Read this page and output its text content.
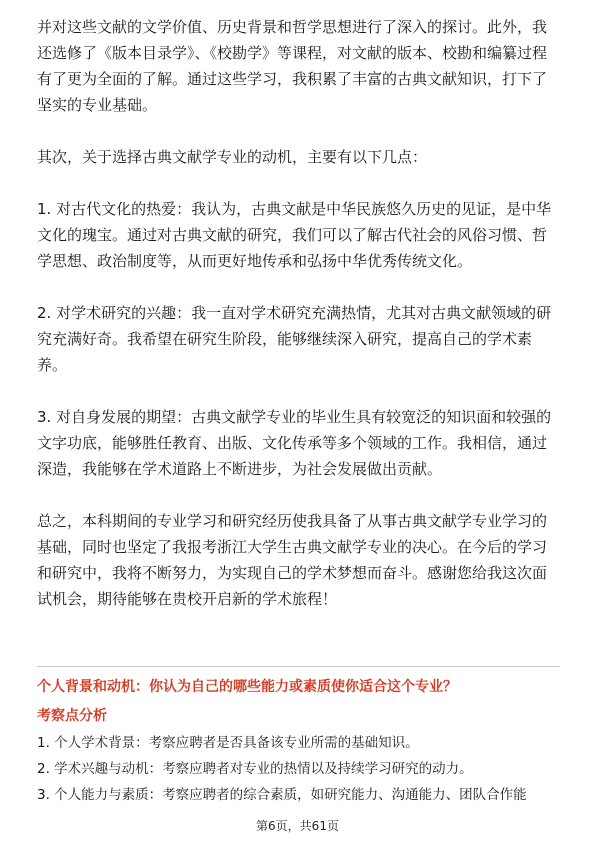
并对这些文献的文学价值、历史背景和哲学思想进行了深入的探讨。此外，我还选修了《版本目录学》、《校勘学》等课程，对文献的版本、校勘和编纂过程有了更为全面的了解。通过这些学习，我积累了丰富的古典文献知识，打下了坚实的专业基础。

其次，关于选择古典文献学专业的动机，主要有以下几点：

1. 对古代文化的热爱：我认为，古典文献是中华民族悠久历史的见证，是中华文化的瑰宝。通过对古典文献的研究，我们可以了解古代社会的风俗习惯、哲学思想、政治制度等，从而更好地传承和弘扬中华优秀传统文化。

2. 对学术研究的兴趣：我一直对学术研究充满热情，尤其对古典文献领域的研究充满好奇。我希望在研究生阶段，能够继续深入研究，提高自己的学术素养。

3. 对自身发展的期望：古典文献学专业的毕业生具有较宽泛的知识面和较强的文字功底，能够胜任教育、出版、文化传承等多个领域的工作。我相信，通过深造，我能够在学术道路上不断进步，为社会发展做出贡献。

总之，本科期间的专业学习和研究经历使我具备了从事古典文献学专业学习的基础，同时也坚定了我报考浙江大学生古典文献学专业的决心。在今后的学习和研究中，我将不断努力，为实现自己的学术梦想而奋斗。感谢您给我这次面试机会，期待能够在贵校开启新的学术旅程！

个人背景和动机：你认为自己的哪些能力或素质使你适合这个专业？
考察点分析

1. 个人学术背景：考察应聘者是否具备该专业所需的基础知识。

2. 学术兴趣与动机：考察应聘者对专业的热情以及持续学习研究的动力。

3. 个人能力与素质：考察应聘者的综合素质，如研究能力、沟通能力、团队合作能

第6页，共61页
